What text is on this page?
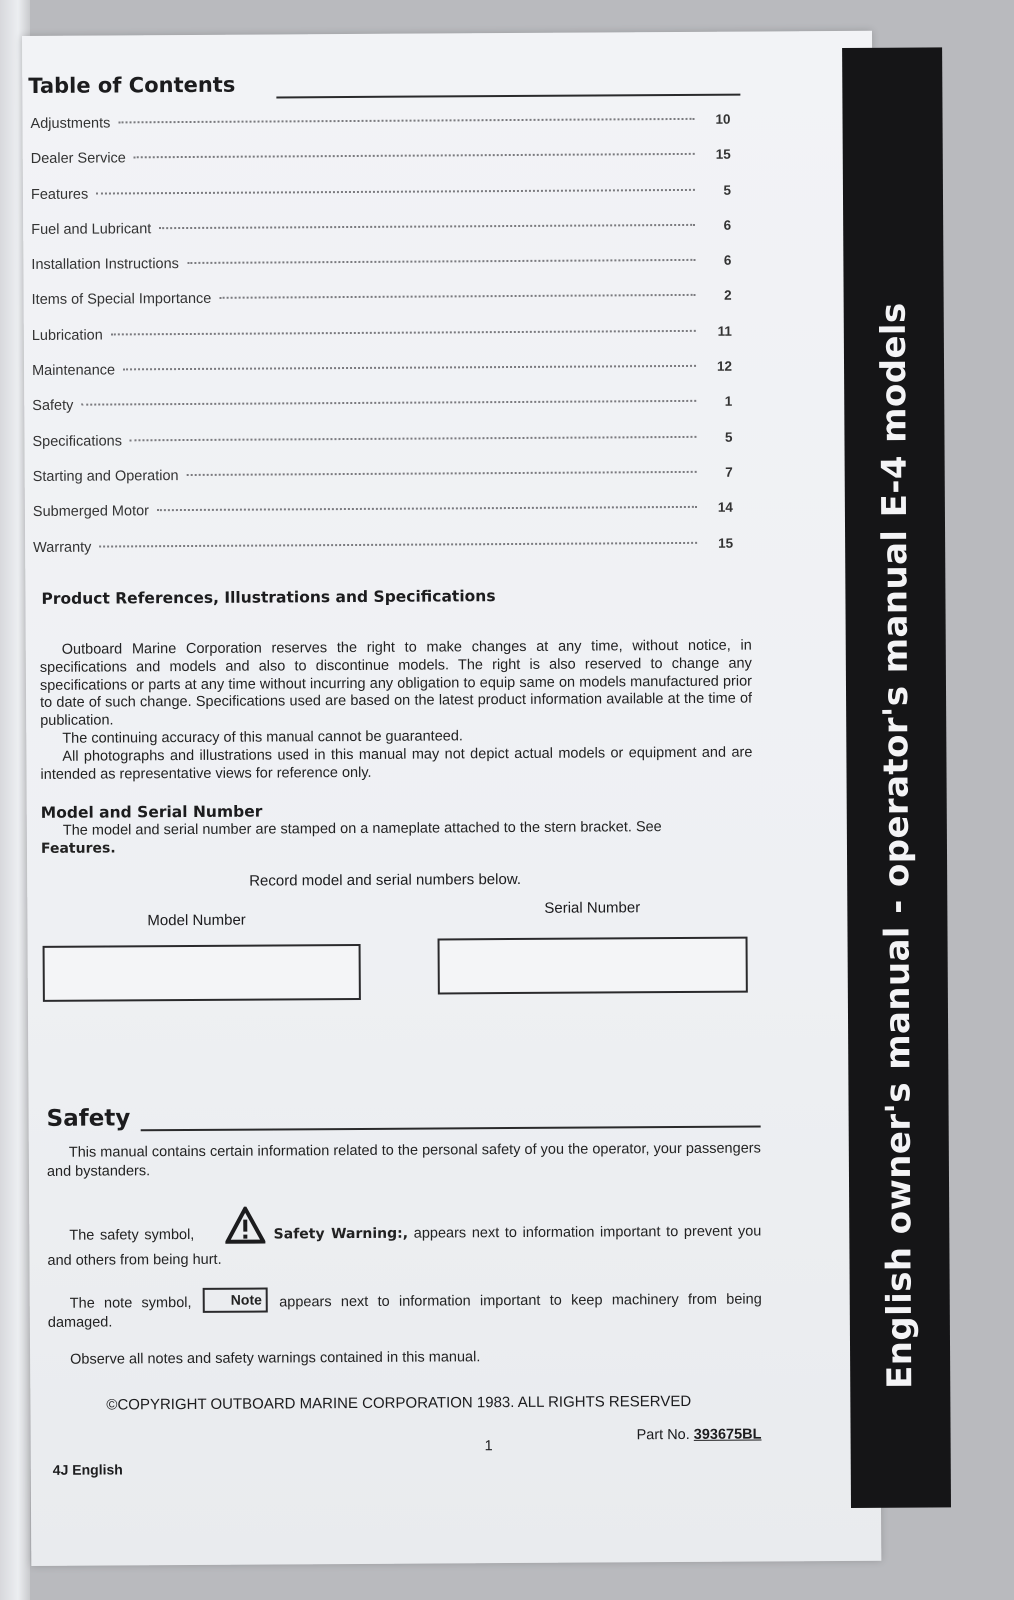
English owner's manual - operator's manual E-4 models
Table of Contents
Adjustments	10
Dealer Service	15
Features	5
Fuel and Lubricant	6
Installation Instructions	6
Items of Special Importance	2
Lubrication	11
Maintenance	12
Safety	1
Specifications	5
Starting and Operation	7
Submerged Motor	14
Warranty	15
Product References, Illustrations and Specifications

Outboard Marine Corporation reserves the right to make changes at any time, without notice, in specifications and models and also to discontinue models. The right is also reserved to change any specifications or parts at any time without incurring any obligation to equip same on models manufactured prior to date of such change. Specifications used are based on the latest product information available at the time of publication.

The continuing accuracy of this manual cannot be guaranteed.

All photographs and illustrations used in this manual may not depict actual models or equipment and are intended as representative views for reference only.

Model and Serial Number

The model and serial number are stamped on a nameplate attached to the stern bracket. See

Features.
Record model and serial numbers below.
Model Number
Serial Number
Safety

This manual contains certain information related to the personal safety of you the operator, your passengers and bystanders.

The safety symbol,	Safety Warning:, appears next to information important to prevent you and others from being hurt.

The note symbol,	Note appears next to information important to keep machinery from being damaged.

Observe all notes and safety warnings contained in this manual.

©COPYRIGHT OUTBOARD MARINE CORPORATION 1983. ALL RIGHTS RESERVED
1
Part No. 393675BL
4J English
